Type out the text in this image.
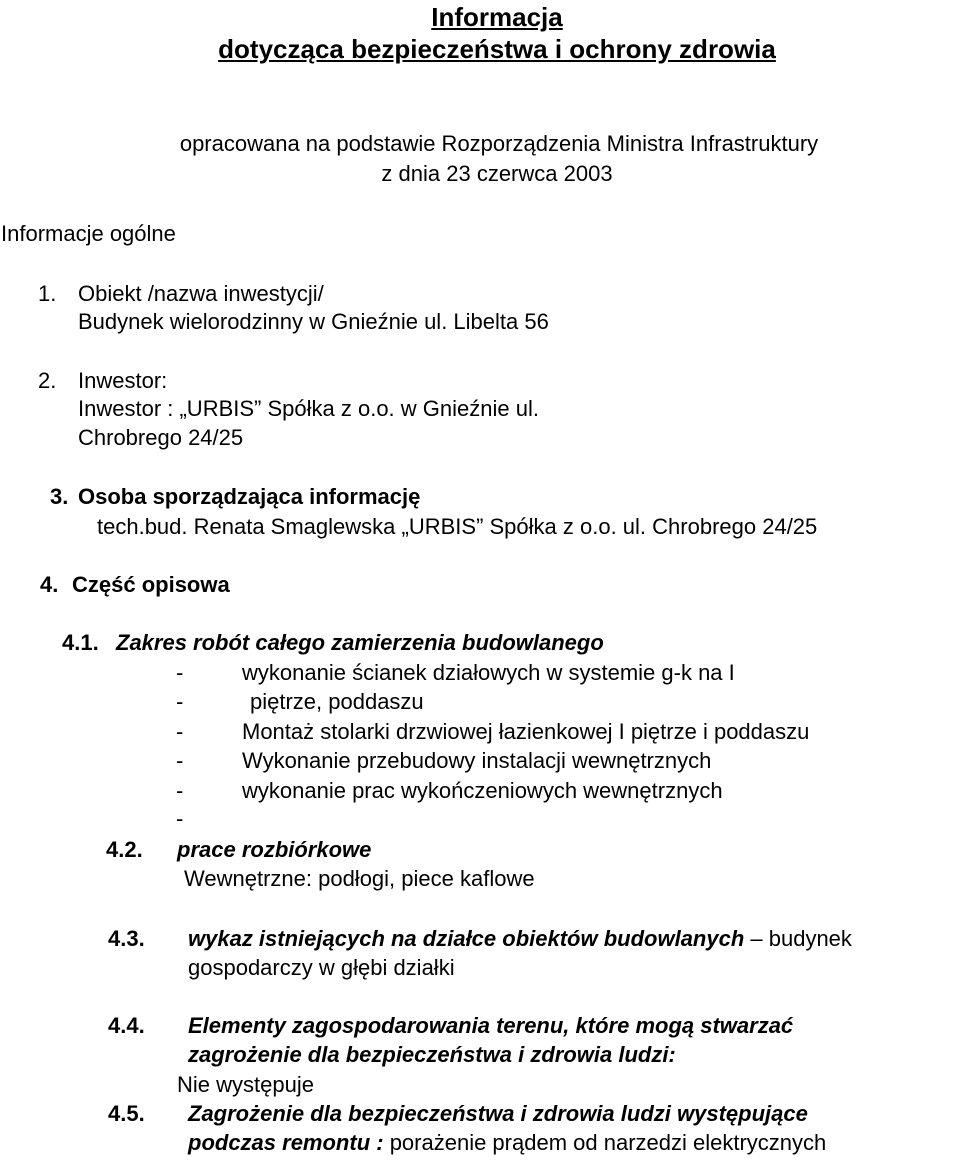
Informacja
dotycząca bezpieczeństwa i ochrony zdrowia
opracowana na podstawie Rozporządzenia Ministra Infrastruktury
z dnia 23 czerwca 2003
Informacje ogólne
1. Obiekt /nazwa inwestycji/
Budynek wielorodzinny w Gnieźnie ul. Libelta 56
2. Inwestor:
Inwestor : „URBIS” Spółka z o.o. w Gnieźnie ul.
Chrobrego 24/25
3. Osoba sporządzająca informację
tech.bud. Renata Smaglewska „URBIS” Spółka z o.o. ul. Chrobrego 24/25
4. Część opisowa
4.1. Zakres robót całego zamierzenia budowlanego
-	wykonanie ścianek działowych w systemie g-k na I
-	piętrze, poddaszu
-	Montaż stolarki drzwiowej łazienkowej I piętrze i poddaszu
-	Wykonanie przebudowy instalacji wewnętrznych
-	wykonanie prac wykończeniowych wewnętrznych
-
4.2. prace rozbiórkowe
Wewnętrzne: podłogi, piece kaflowe
4.3. wykaz istniejących na działce obiektów budowlanych – budynek
gospodarczy w głębi działki
4.4. Elementy zagospodarowania terenu, które mogą stwarzać
zagrożenie dla bezpieczeństwa i zdrowia ludzi:
Nie występuje
4.5. Zagrożenie dla bezpieczeństwa i zdrowia ludzi występujące
podczas remontu : porażenie prądem od narzedzi elektrycznych
